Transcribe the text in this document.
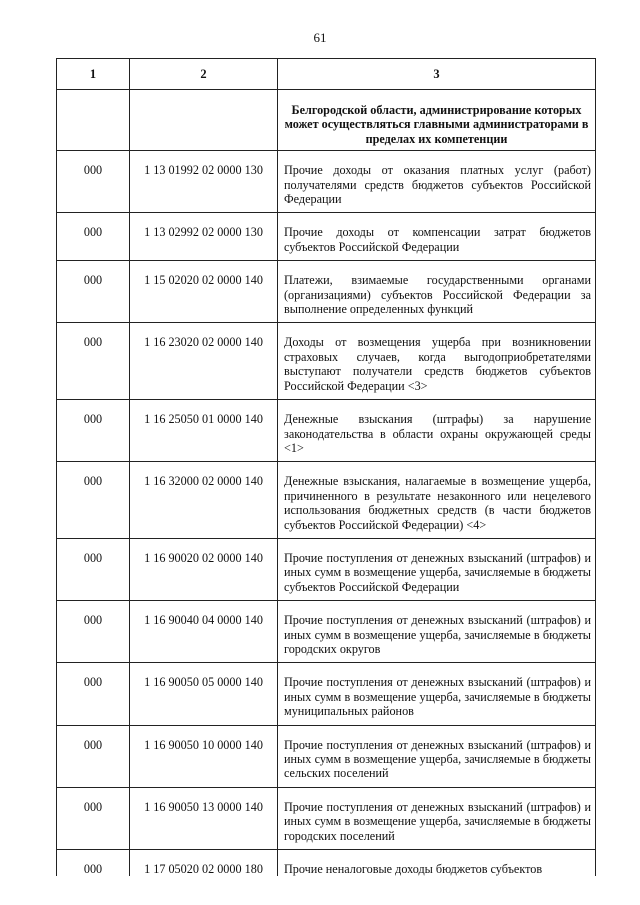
61
1	2	3
		Белгородской области, администрирование которых может осуществляться главными администраторами в пределах их компетенции
000	1 13 01992 02 0000 130	Прочие доходы от оказания платных услуг (работ) получателями средств бюджетов субъектов Российской Федерации
000	1 13 02992 02 0000 130	Прочие доходы от компенсации затрат бюджетов субъектов Российской Федерации
000	1 15 02020 02 0000 140	Платежи, взимаемые государственными органами (организациями) субъектов Российской Федерации за выполнение определенных функций
000	1 16 23020 02 0000 140	Доходы от возмещения ущерба при возникновении страховых случаев, когда выгодоприобретателями выступают получатели средств бюджетов субъектов Российской Федерации <3>
000	1 16 25050 01 0000 140	Денежные взыскания (штрафы) за нарушение законодательства в области охраны окружающей среды <1>
000	1 16 32000 02 0000 140	Денежные взыскания, налагаемые в возмещение ущерба, причиненного в результате незаконного или нецелевого использования бюджетных средств (в части бюджетов субъектов Российской Федерации) <4>
000	1 16 90020 02 0000 140	Прочие поступления от денежных взысканий (штрафов) и иных сумм в возмещение ущерба, зачисляемые в бюджеты субъектов Российской Федерации
000	1 16 90040 04 0000 140	Прочие поступления от денежных взысканий (штрафов) и иных сумм в возмещение ущерба, зачисляемые в бюджеты городских округов
000	1 16 90050 05 0000 140	Прочие поступления от денежных взысканий (штрафов) и иных сумм в возмещение ущерба, зачисляемые в бюджеты муниципальных районов
000	1 16 90050 10 0000 140	Прочие поступления от денежных взысканий (штрафов) и иных сумм в возмещение ущерба, зачисляемые в бюджеты сельских поселений
000	1 16 90050 13 0000 140	Прочие поступления от денежных взысканий (штрафов) и иных сумм в возмещение ущерба, зачисляемые в бюджеты городских поселений
000	1 17 05020 02 0000 180	Прочие неналоговые доходы бюджетов субъектов
